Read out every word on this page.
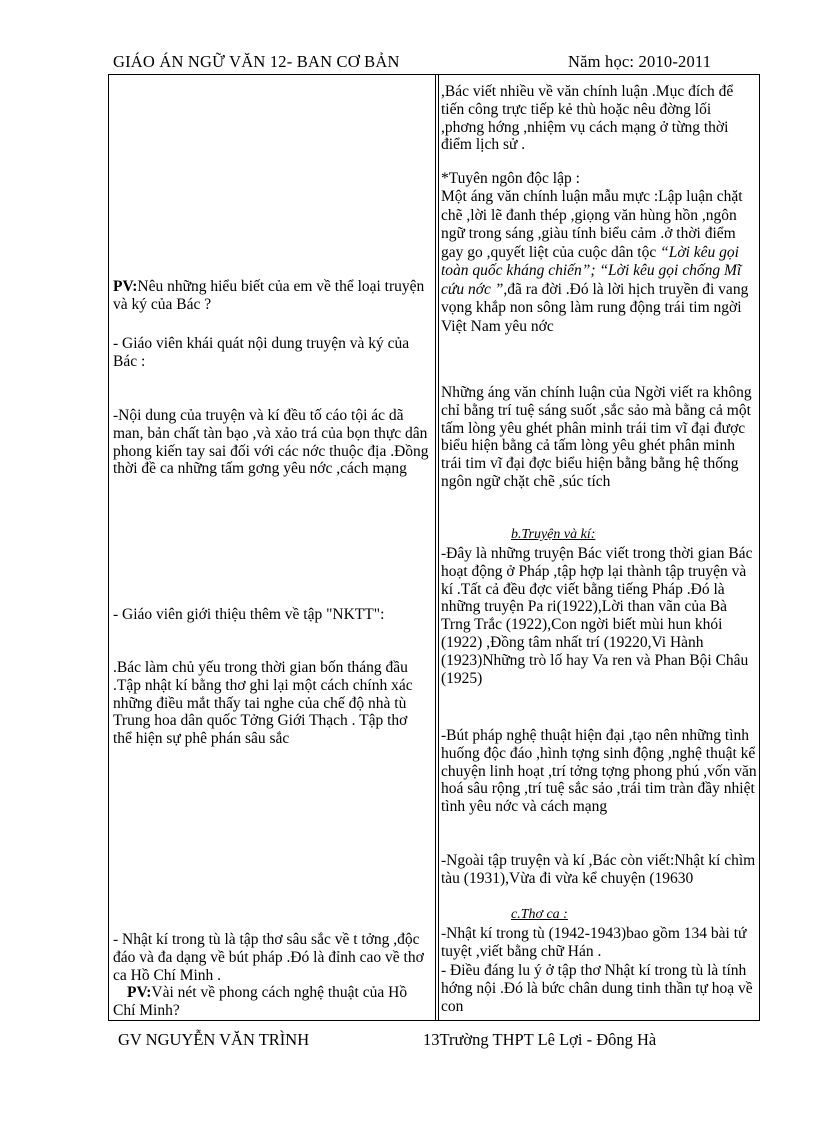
GIÁO ÁN NGỮ VĂN 12- BAN CƠ BẢN	Năm học: 2010-2011

PV:Nêu những hiểu biết của em về thể loại truyện và ký của Bác ?

- Giáo viên khái quát nội dung truyện và ký của Bác :

-Nội dung của truyện và kí đều tố cáo tội ác dã man, bản chất tàn bạo ,và xảo trá của bọn thực dân phong kiến tay sai đối với các nớc thuộc địa .Đồng thời đề ca những tấm gơng yêu nớc ,cách mạng

- Giáo viên giới thiệu thêm về tập "NKTT":

.Bác làm chủ yếu trong thời gian bốn tháng đầu .Tập nhật kí bằng thơ ghi lại một cách chính xác những điều mắt thấy tai nghe của chế độ nhà tù Trung hoa dân quốc Tởng Giới Thạch . Tập thơ thể hiện sự phê phán sâu sắc

- Nhật kí trong tù là tập thơ sâu sắc về t tởng ,độc đáo và đa dạng về bút pháp .Đó là đỉnh cao về thơ ca Hồ Chí Minh .

PV:Vài nét về phong cách nghệ thuật của Hồ Chí Minh?

,Bác viết nhiều về văn chính luận .Mục đích để tiến công trực tiếp kẻ thù hoặc nêu đờng lối ,phơng hớng ,nhiệm vụ cách mạng ở từng thời điểm lịch sử .

*Tuyên ngôn độc lập :

Một áng văn chính luận mẫu mực :Lập luận chặt chẽ ,lời lẽ đanh thép ,giọng văn hùng hồn ,ngôn ngữ trong sáng ,giàu tính biểu cảm .ở thời điểm gay go ,quyết liệt của cuộc dân tộc “Lời kêu gọi toàn quốc kháng chiến”; “Lời kêu gọi chống Mĩ cứu nớc ”,đã ra đời .Đó là lời hịch truyền đi vang vọng khắp non sông làm rung động trái tim ngời Việt Nam yêu nớc

Những áng văn chính luận của Ngời viết ra không chỉ bằng trí tuệ sáng suốt ,sắc sảo mà bằng cả một tấm lòng yêu ghét phân minh trái tim vĩ đại được biểu hiện bằng cả tấm lòng yêu ghét phân minh trái tim vĩ đại đợc biểu hiện bằng bằng hệ thống ngôn ngữ chặt chẽ ,súc tích

b.Truyện và kí:

-Đây là những truyện Bác viết trong thời gian Bác hoạt động ở Pháp ,tập hợp lại thành tập truyện và kí .Tất cả đều đợc viết bằng tiếng Pháp .Đó là những truyện Pa ri(1922),Lời than vãn của Bà Trng Trắc (1922),Con ngời biết mùi hun khói (1922) ,Đồng tâm nhất trí (19220,Vi Hành (1923)Những trò lố hay Va ren và Phan Bội Châu (1925)

-Bút pháp nghệ thuật hiện đại ,tạo nên những tình huống độc đáo ,hình tợng sinh động ,nghệ thuật kể chuyện linh hoạt ,trí tởng tợng phong phú ,vốn văn hoá sâu rộng ,trí tuệ sắc sảo ,trái tim tràn đầy nhiệt tình yêu nớc và cách mạng

-Ngoài tập truyện và kí ,Bác còn viết:Nhật kí chìm tàu (1931),Vừa đi vừa kể chuyện (19630

c.Thơ ca :

-Nhật kí trong tù (1942-1943)bao gồm 134 bài tứ tuyệt ,viết bằng chữ Hán .

- Điều đáng lu ý ở tập thơ Nhật kí trong tù là tính hớng nội .Đó là bức chân dung tinh thần tự hoạ về con

GV NGUYỄN VĂN TRÌNH	13Trường THPT Lê Lợi - Đông Hà
